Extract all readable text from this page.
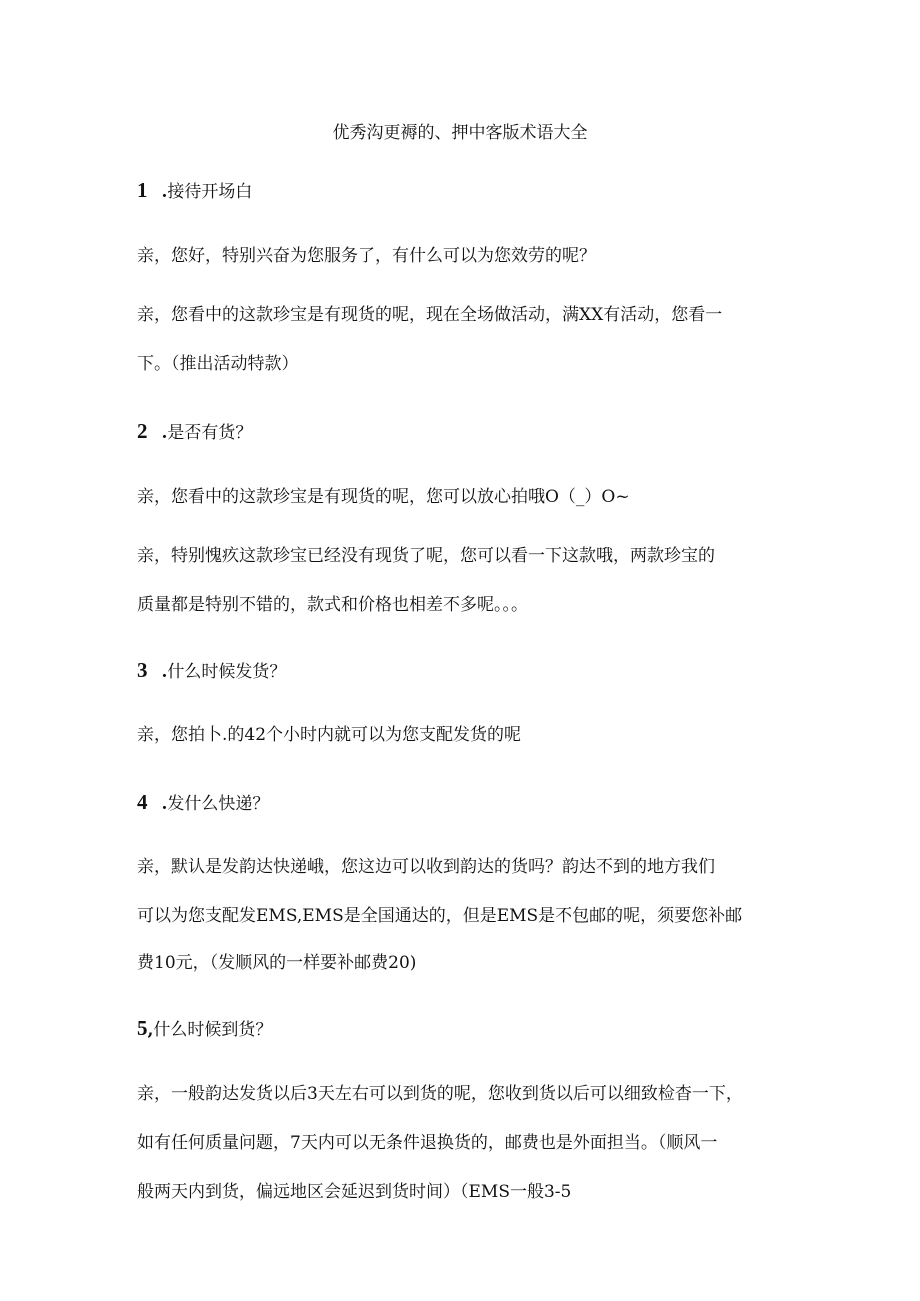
优秀沟更褥的、押中客版术语大全
1 .接待开场白
亲，您好，特别兴奋为您服务了，有什么可以为您效劳的呢？
亲，您看中的这款珍宝是有现货的呢，现在全场做活动，满XX有活动，您看一
下。（推出活动特款）
2 .是否有货？
亲，您看中的这款珍宝是有现货的呢，您可以放心拍哦O（_）O~
亲，特别愧疚这款珍宝已经没有现货了呢，您可以看一下这款哦，两款珍宝的
质量都是特别不错的，款式和价格也相差不多呢。。。
3 .什么时候发货？
亲，您拍卜.的42个小时内就可以为您支配发货的呢
4 .发什么快递？
亲，默认是发韵达快递峨，您这边可以收到韵达的货吗？韵达不到的地方我们
可以为您支配发EMS,EMS是全国通达的，但是EMS是不包邮的呢，须要您补邮
费10元，（发顺风的一样要补邮费20)
5,什么时候到货？
亲，一般韵达发货以后3天左右可以到货的呢，您收到货以后可以细致检杳一下，
如有任何质量问题，7天内可以无条件退换货的，邮费也是外面担当。（顺风一
般两天内到货，偏远地区会延迟到货时间）（EMS一般3-5
